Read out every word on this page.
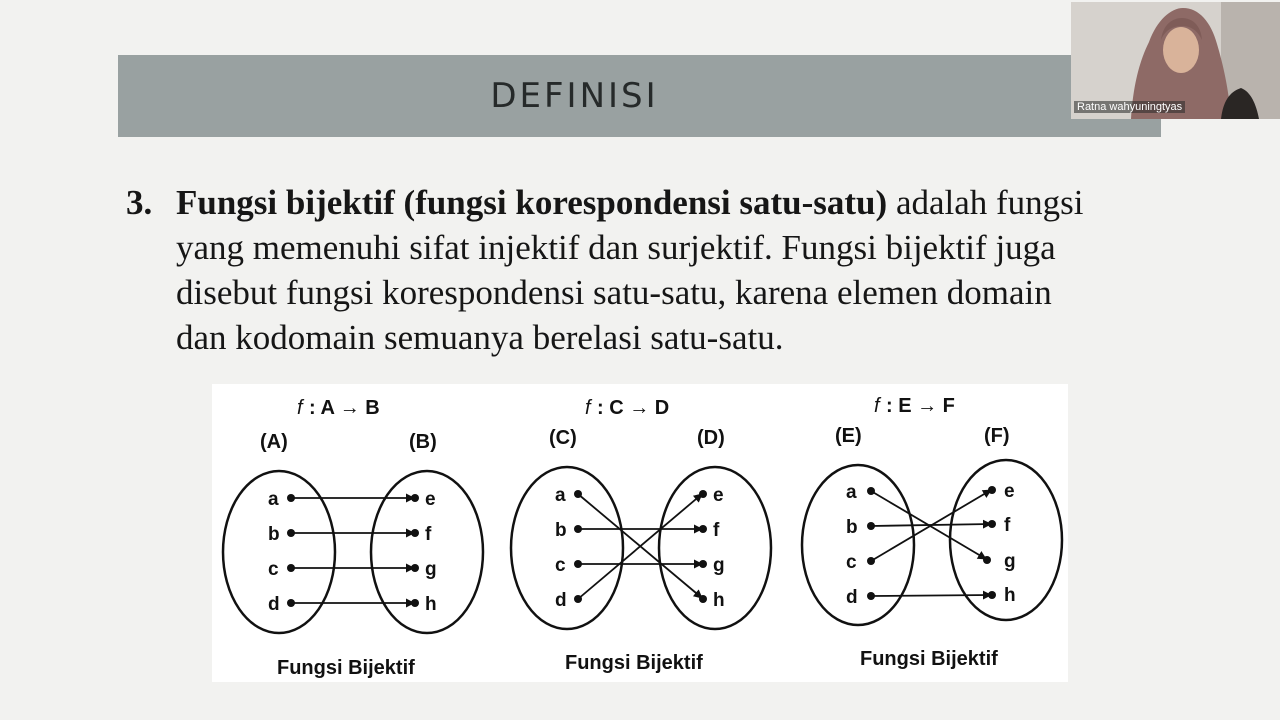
DEFINISI
3. Fungsi bijektif (fungsi korespondensi satu-satu) adalah fungsi
yang memenuhi sifat injektif dan surjektif. Fungsi bijektif juga
disebut fungsi korespondensi satu-satu, karena elemen domain
dan kodomain semuanya berelasi satu-satu.
f : A → B
(A)	(B)
a
b
c
d
e
f
g
h
Fungsi Bijektif
f : C → D
(C)	(D)
a
b
c
d
e
f
g
h
Fungsi Bijektif
f : E → F
(E)	(F)
a
b
c
d
e
f
g
h
Fungsi Bijektif
Ratna wahyuningtyas
